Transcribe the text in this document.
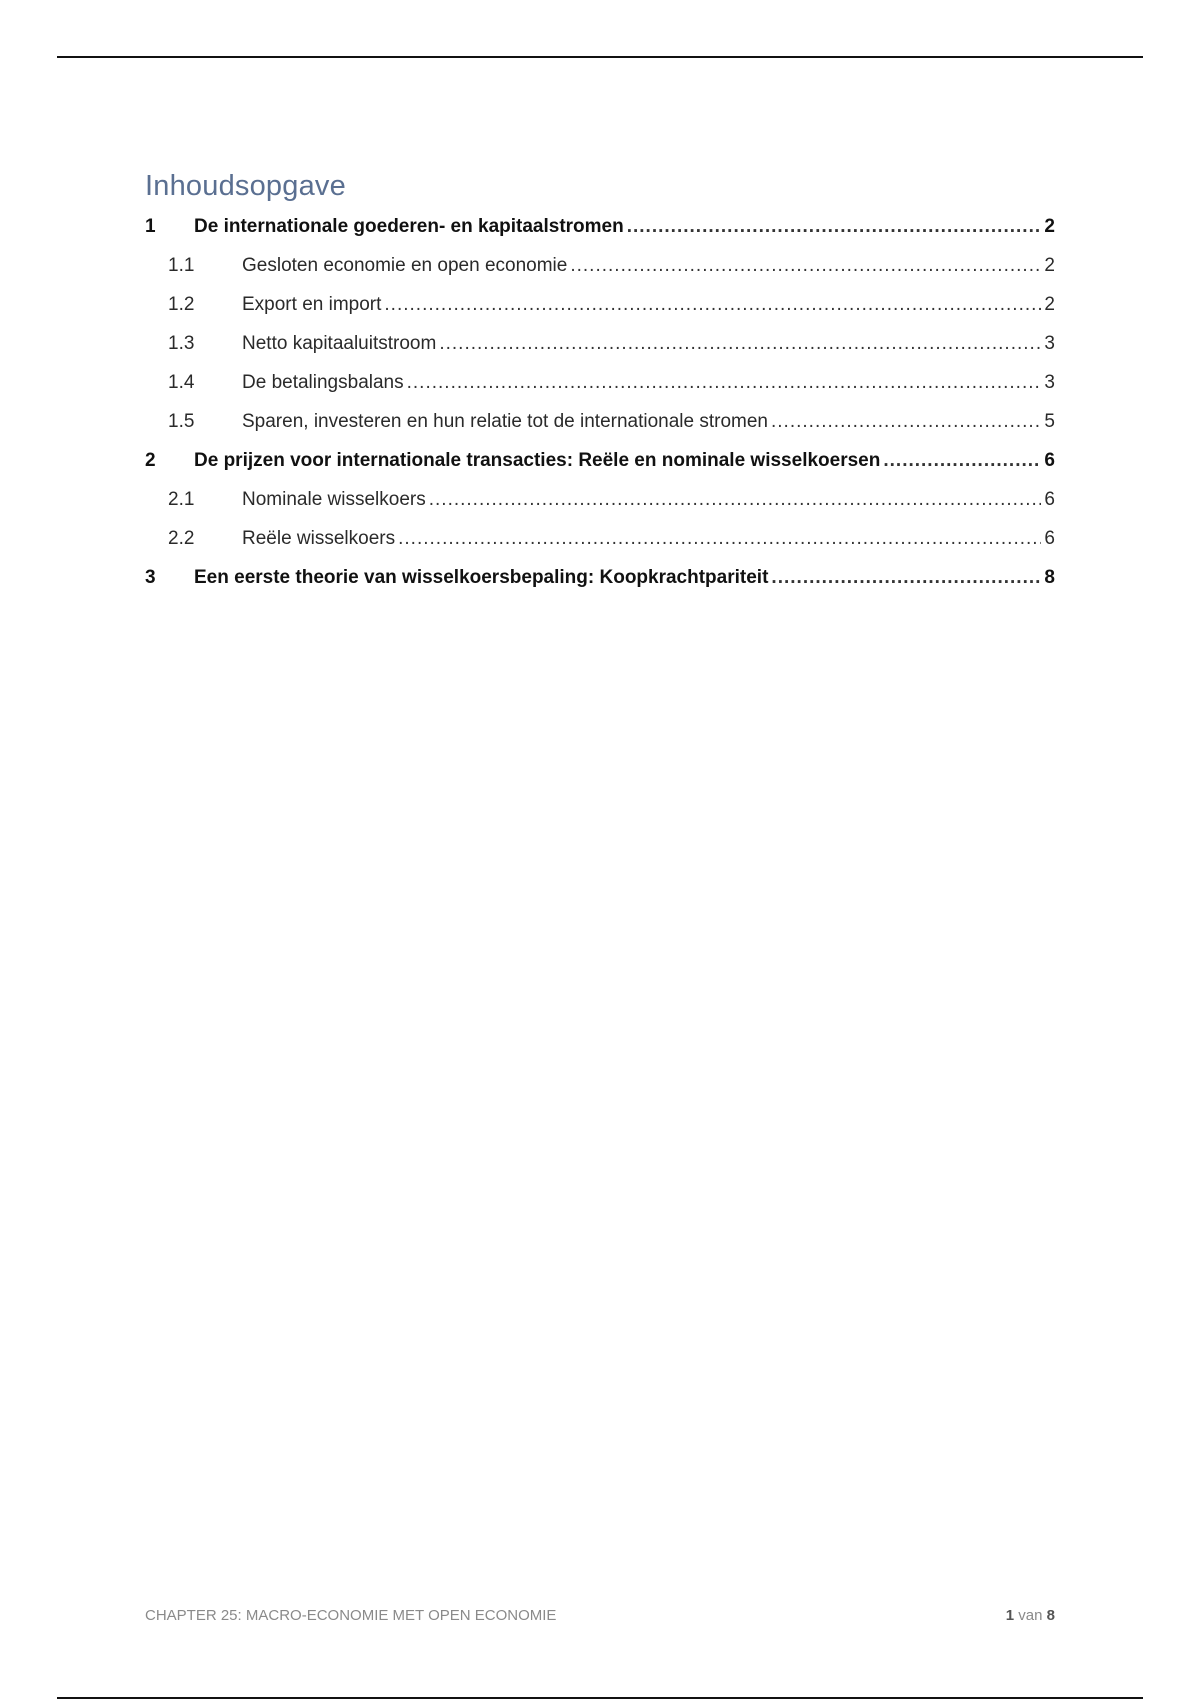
Inhoudsopgave
1	De internationale goederen- en kapitaalstromen .....	2
1.1	Gesloten economie en open economie .....	2
1.2	Export en import .....	2
1.3	Netto kapitaaluitstroom .....	3
1.4	De betalingsbalans .....	3
1.5	Sparen, investeren en hun relatie tot de internationale stromen .....	5
2	De prijzen voor internationale transacties: Reële en nominale wisselkoersen .....	6
2.1	Nominale wisselkoers .....	6
2.2	Reële wisselkoers .....	6
3	Een eerste theorie van wisselkoersbepaling: Koopkrachtpariteit .....	8
CHAPTER 25: MACRO-ECONOMIE MET OPEN ECONOMIE	1 van 8
